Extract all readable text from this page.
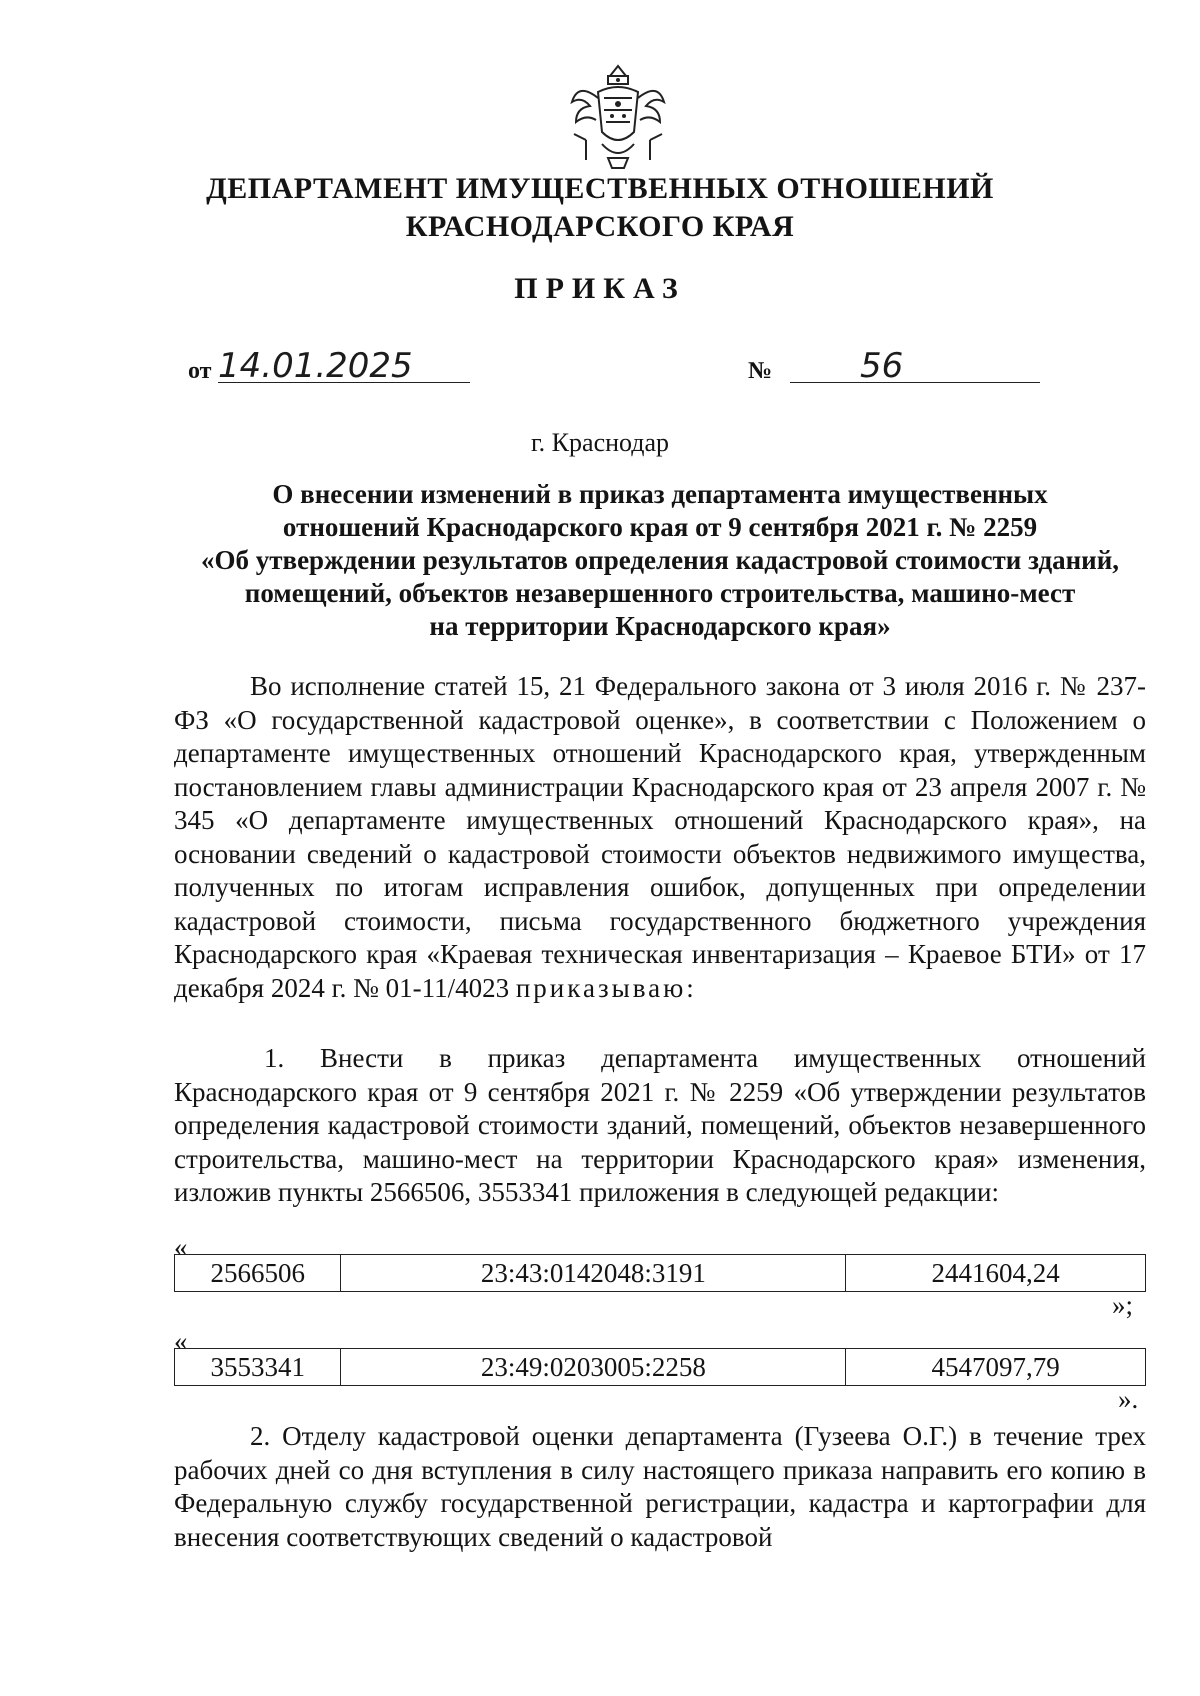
ДЕПАРТАМЕНТ ИМУЩЕСТВЕННЫХ ОТНОШЕНИЙ
КРАСНОДАРСКОГО КРАЯ
ПРИКАЗ
от 14.01.2025	№	56
г. Краснодар
О внесении изменений в приказ департамента имущественных
отношений Краснодарского края от 9 сентября 2021 г. № 2259
«Об утверждении результатов определения кадастровой стоимости зданий,
помещений, объектов незавершенного строительства, машино-мест
на территории Краснодарского края»
Во исполнение статей 15, 21 Федерального закона от 3 июля 2016 г. № 237-ФЗ «О государственной кадастровой оценке», в соответствии с Положением о департаменте имущественных отношений Краснодарского края, утвержденным постановлением главы администрации Краснодарского края от 23 апреля 2007 г. № 345 «О департаменте имущественных отношений Краснодарского края», на основании сведений о кадастровой стоимости объектов недвижимого имущества, полученных по итогам исправления ошибок, допущенных при определении кадастровой стоимости, письма государственного бюджетного учреждения Краснодарского края «Краевая техническая инвентаризация – Краевое БТИ» от 17 декабря 2024 г. № 01-11/4023 приказываю:
1. Внести в приказ департамента имущественных отношений Краснодарского края от 9 сентября 2021 г. № 2259 «Об утверждении результатов определения кадастровой стоимости зданий, помещений, объектов незавершенного строительства, машино-мест на территории Краснодарского края» изменения, изложив пункты 2566506, 3553341 приложения в следующей редакции:
«
2566506	23:43:0142048:3191	2441604,24
»;
«
3553341	23:49:0203005:2258	4547097,79
».
2. Отделу кадастровой оценки департамента (Гузеева О.Г.) в течение трех рабочих дней со дня вступления в силу настоящего приказа направить его копию в Федеральную службу государственной регистрации, кадастра и картографии для внесения соответствующих сведений о кадастровой
